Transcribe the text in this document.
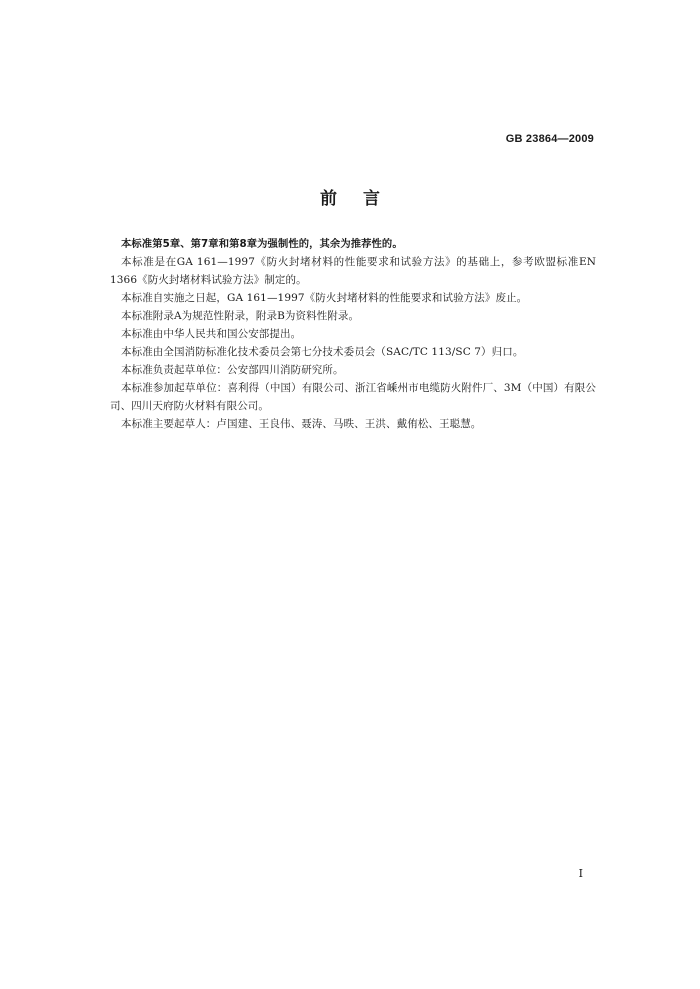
GB 23864—2009
前言

本标准第5章、第7章和第8章为强制性的，其余为推荐性的。

本标准是在GA 161—1997《防火封堵材料的性能要求和试验方法》的基础上，参考欧盟标准EN 1366《防火封堵材料试验方法》制定的。

本标准自实施之日起，GA 161—1997《防火封堵材料的性能要求和试验方法》废止。

本标准附录A为规范性附录，附录B为资料性附录。

本标准由中华人民共和国公安部提出。

本标准由全国消防标准化技术委员会第七分技术委员会（SAC/TC 113/SC 7）归口。

本标准负责起草单位：公安部四川消防研究所。

本标准参加起草单位：喜利得（中国）有限公司、浙江省嵊州市电缆防火附件厂、3M（中国）有限公司、四川天府防火材料有限公司。

本标准主要起草人：卢国建、王良伟、聂涛、马昳、王洪、戴侑松、王聪慧。

I
